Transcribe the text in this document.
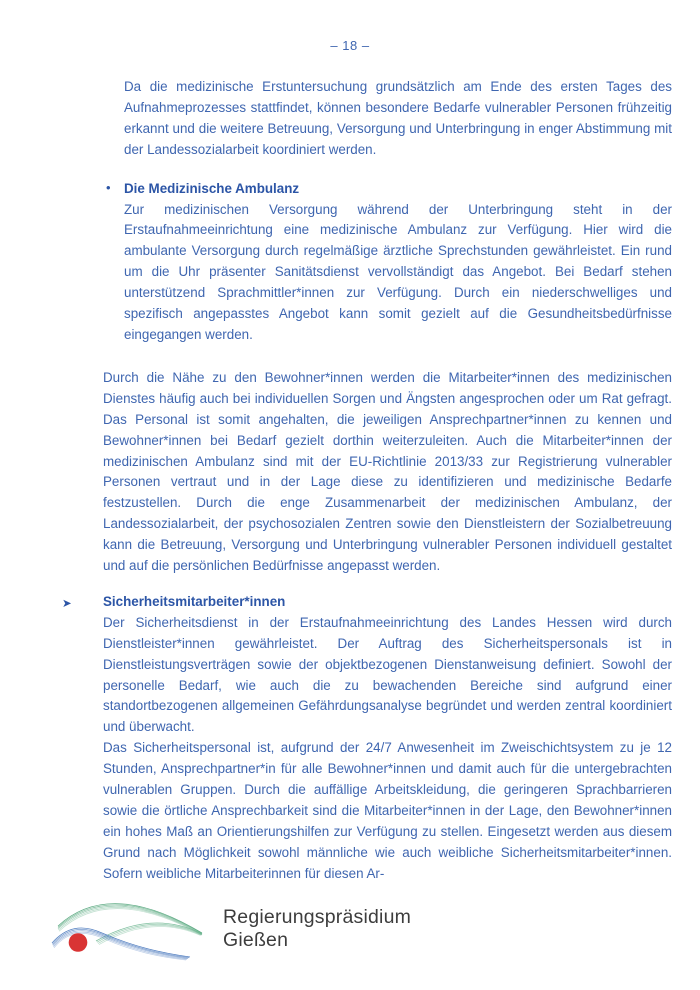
– 18 –

Da die medizinische Erstuntersuchung grundsätzlich am Ende des ersten Tages des Aufnahmeprozesses stattfindet, können besondere Bedarfe vulnerabler Personen frühzeitig erkannt und die weitere Betreuung, Versorgung und Unterbringung in enger Abstimmung mit der Landessozialarbeit koordiniert werden.

• Die Medizinische Ambulanz

Zur medizinischen Versorgung während der Unterbringung steht in der Erstaufnahmeeinrichtung eine medizinische Ambulanz zur Verfügung. Hier wird die ambulante Versorgung durch regelmäßige ärztliche Sprechstunden gewährleistet. Ein rund um die Uhr präsenter Sanitätsdienst vervollständigt das Angebot. Bei Bedarf stehen unterstützend Sprachmittler*innen zur Verfügung. Durch ein niederschwelliges und spezifisch angepasstes Angebot kann somit gezielt auf die Gesundheitsbedürfnisse eingegangen werden.

Durch die Nähe zu den Bewohner*innen werden die Mitarbeiter*innen des medizinischen Dienstes häufig auch bei individuellen Sorgen und Ängsten angesprochen oder um Rat gefragt. Das Personal ist somit angehalten, die jeweiligen Ansprechpartner*innen zu kennen und Bewohner*innen bei Bedarf gezielt dorthin weiterzuleiten. Auch die Mitarbeiter*innen der medizinischen Ambulanz sind mit der EU-Richtlinie 2013/33 zur Registrierung vulnerabler Personen vertraut und in der Lage diese zu identifizieren und medizinische Bedarfe festzustellen. Durch die enge Zusammenarbeit der medizinischen Ambulanz, der Landessozialarbeit, der psychosozialen Zentren sowie den Dienstleistern der Sozialbetreuung kann die Betreuung, Versorgung und Unterbringung vulnerabler Personen individuell gestaltet und auf die persönlichen Bedürfnisse angepasst werden.

➤ Sicherheitsmitarbeiter*innen

Der Sicherheitsdienst in der Erstaufnahmeeinrichtung des Landes Hessen wird durch Dienstleister*innen gewährleistet. Der Auftrag des Sicherheitspersonals ist in Dienstleistungsverträgen sowie der objektbezogenen Dienstanweisung definiert. Sowohl der personelle Bedarf, wie auch die zu bewachenden Bereiche sind aufgrund einer standortbezogenen allgemeinen Gefährdungsanalyse begründet und werden zentral koordiniert und überwacht.

Das Sicherheitspersonal ist, aufgrund der 24/7 Anwesenheit im Zweischichtsystem zu je 12 Stunden, Ansprechpartner*in für alle Bewohner*innen und damit auch für die untergebrachten vulnerablen Gruppen. Durch die auffällige Arbeitskleidung, die geringeren Sprachbarrieren sowie die örtliche Ansprechbarkeit sind die Mitarbeiter*innen in der Lage, den Bewohner*innen ein hohes Maß an Orientierungshilfen zur Verfügung zu stellen. Eingesetzt werden aus diesem Grund nach Möglichkeit sowohl männliche wie auch weibliche Sicherheitsmitarbeiter*innen. Sofern weibliche Mitarbeiterinnen für diesen Ar-

Regierungspräsidium
Gießen
